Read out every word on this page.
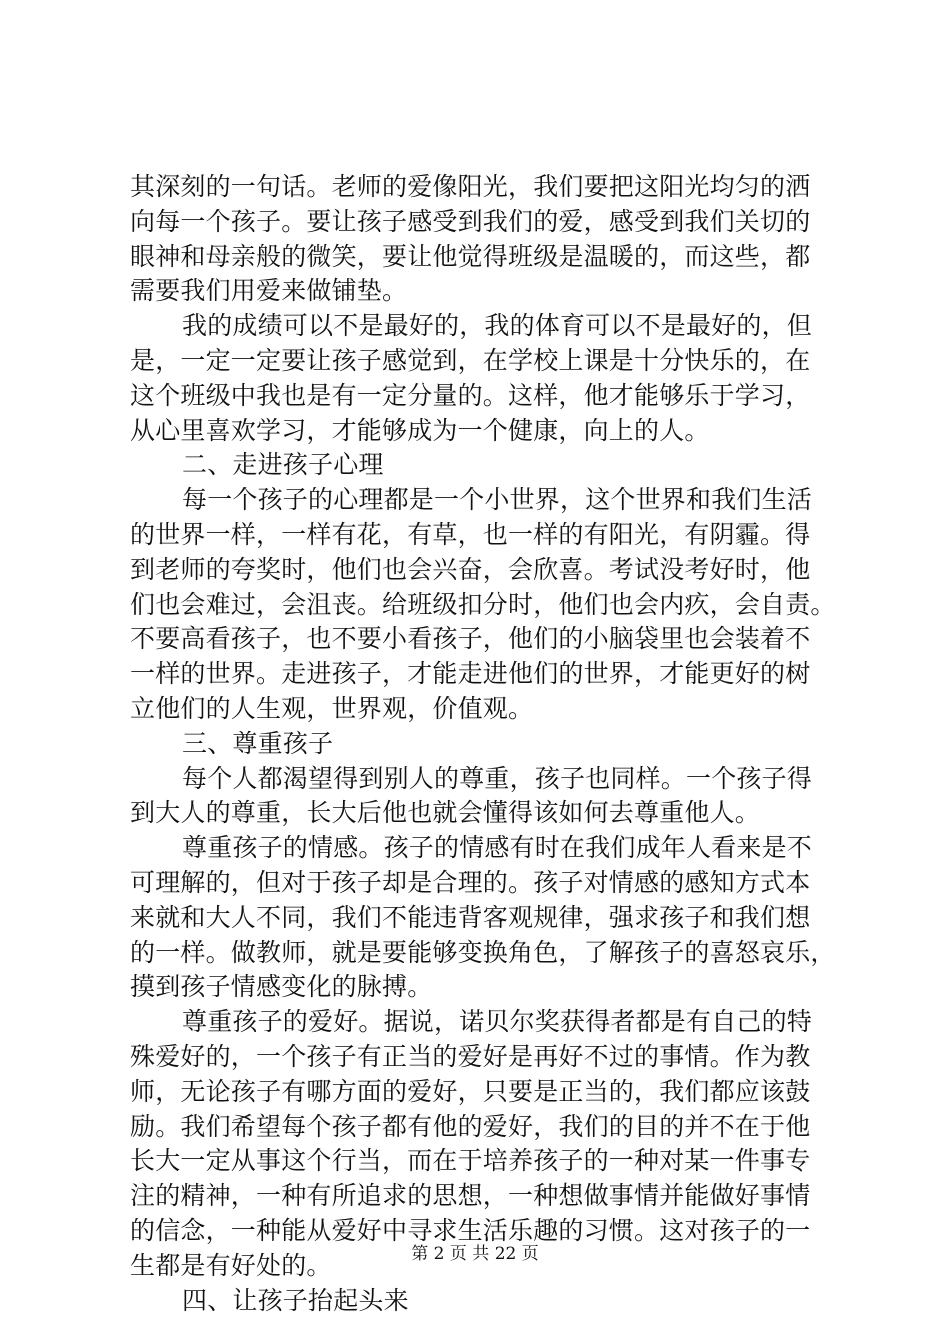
其深刻的一句话。老师的爱像阳光，我们要把这阳光均匀的洒
向每一个孩子。要让孩子感受到我们的爱，感受到我们关切的
眼神和母亲般的微笑，要让他觉得班级是温暖的，而这些，都
需要我们用爱来做铺垫。
我的成绩可以不是最好的，我的体育可以不是最好的，但
是，一定一定要让孩子感觉到，在学校上课是十分快乐的，在
这个班级中我也是有一定分量的。这样，他才能够乐于学习，
从心里喜欢学习，才能够成为一个健康，向上的人。
二、走进孩子心理
每一个孩子的心理都是一个小世界，这个世界和我们生活
的世界一样，一样有花，有草，也一样的有阳光，有阴霾。得
到老师的夸奖时，他们也会兴奋，会欣喜。考试没考好时，他
们也会难过，会沮丧。给班级扣分时，他们也会内疚，会自责。
不要高看孩子，也不要小看孩子，他们的小脑袋里也会装着不
一样的世界。走进孩子，才能走进他们的世界，才能更好的树
立他们的人生观，世界观，价值观。
三、尊重孩子
每个人都渴望得到别人的尊重，孩子也同样。一个孩子得
到大人的尊重，长大后他也就会懂得该如何去尊重他人。
尊重孩子的情感。孩子的情感有时在我们成年人看来是不
可理解的，但对于孩子却是合理的。孩子对情感的感知方式本
来就和大人不同，我们不能违背客观规律，强求孩子和我们想
的一样。做教师，就是要能够变换角色，了解孩子的喜怒哀乐，
摸到孩子情感变化的脉搏。
尊重孩子的爱好。据说，诺贝尔奖获得者都是有自己的特
殊爱好的，一个孩子有正当的爱好是再好不过的事情。作为教
师，无论孩子有哪方面的爱好，只要是正当的，我们都应该鼓
励。我们希望每个孩子都有他的爱好，我们的目的并不在于他
长大一定从事这个行当，而在于培养孩子的一种对某一件事专
注的精神，一种有所追求的思想，一种想做事情并能做好事情
的信念，一种能从爱好中寻求生活乐趣的习惯。这对孩子的一
生都是有好处的。
四、让孩子抬起头来
第 2 页 共 22 页
